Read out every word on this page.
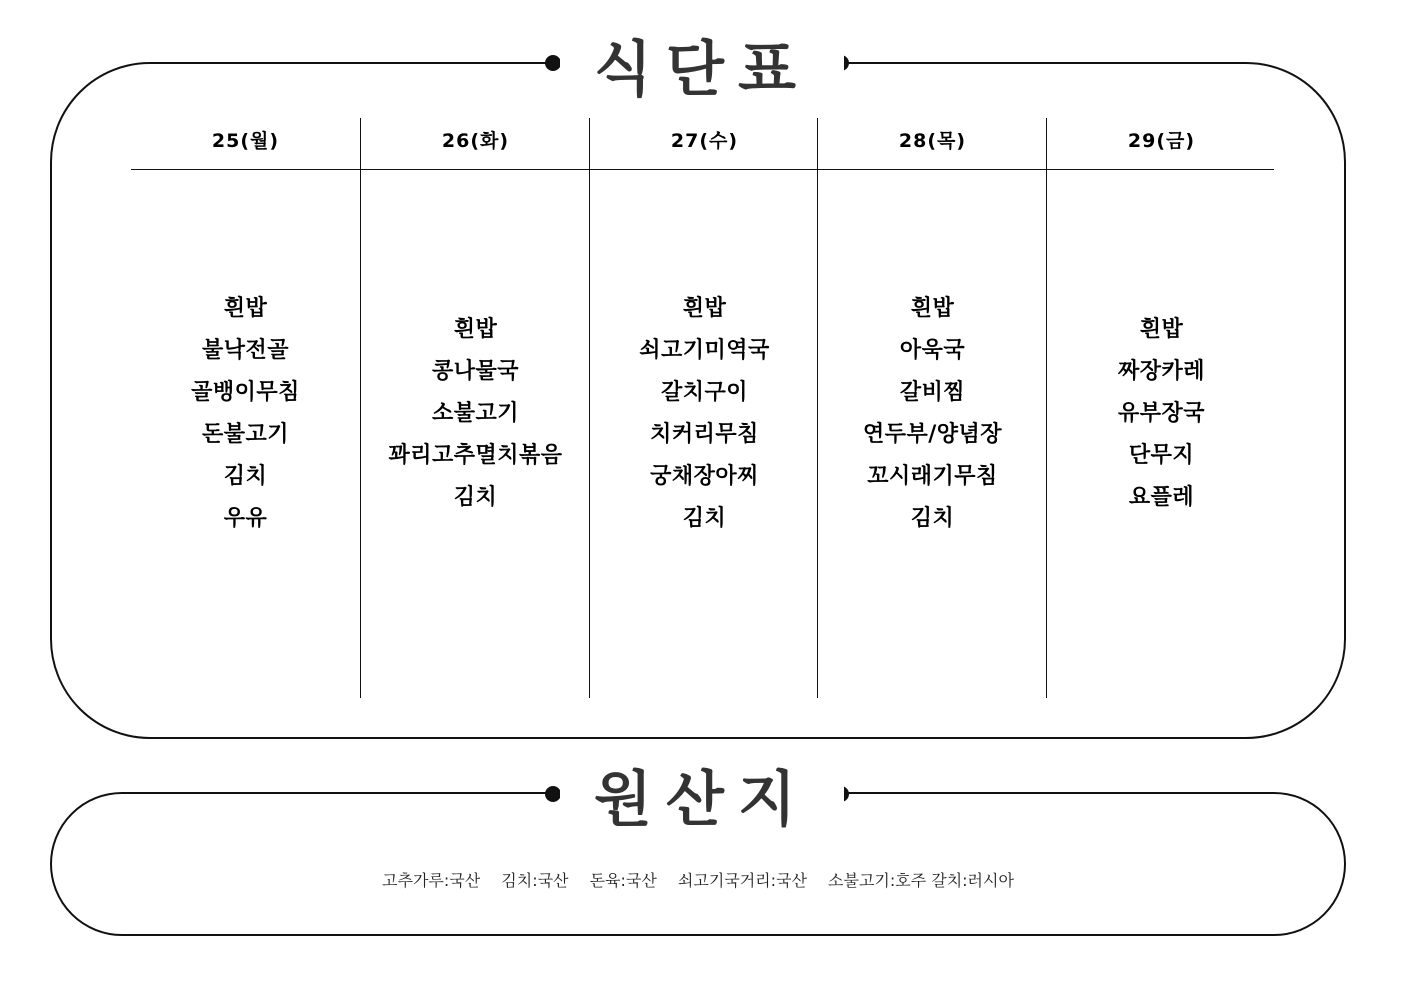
식단표
25(월)
흰밥
불낙전골
골뱅이무침
돈불고기
김치
우유
26(화)
흰밥
콩나물국
소불고기
꽈리고추멸치볶음
김치
27(수)
흰밥
쇠고기미역국
갈치구이
치커리무침
궁채장아찌
김치
28(목)
흰밥
아욱국
갈비찜
연두부/양념장
꼬시래기무침
김치
29(금)
흰밥
짜장카레
유부장국
단무지
요플레
원산지
고추가루:국산 김치:국산 돈육:국산 쇠고기국거리:국산 소불고기:호주 갈치:러시아
